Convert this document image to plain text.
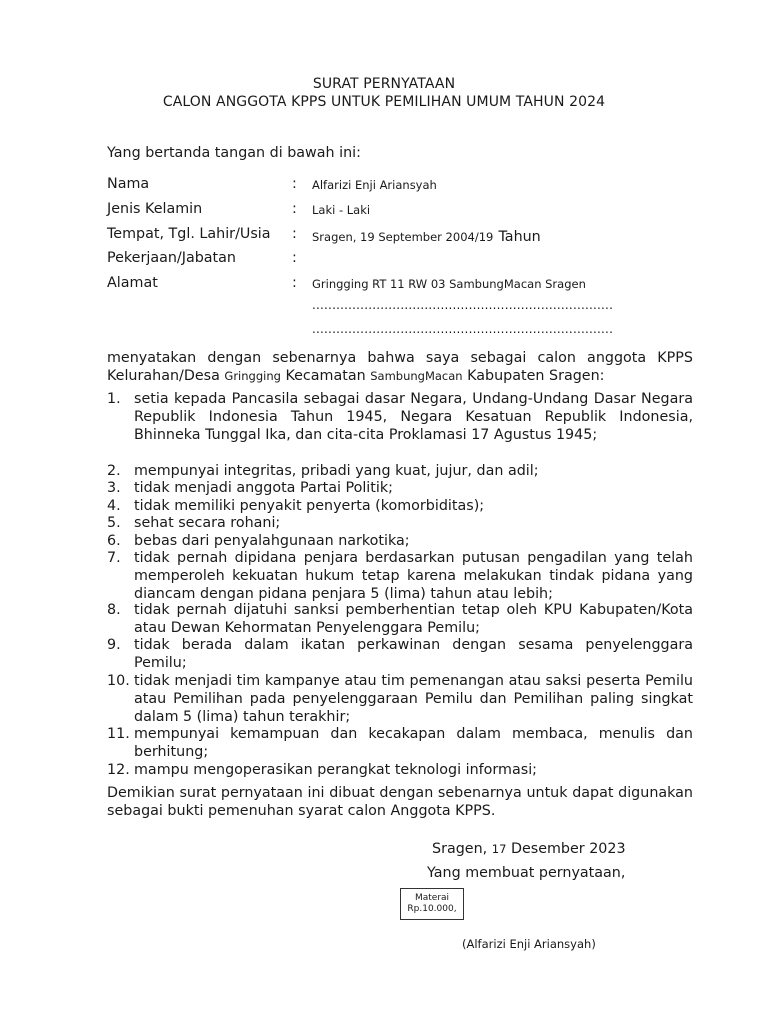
SURAT PERNYATAAN
CALON ANGGOTA KPPS UNTUK PEMILIHAN UMUM TAHUN 2024
Yang bertanda tangan di bawah ini:
Nama	: Alfarizi Enji Ariansyah
Jenis Kelamin	: Laki - Laki
Tempat, Tgl. Lahir/Usia : Sragen, 19 September 2004/19 Tahun
Pekerjaan/Jabatan	:
Alamat	: Gringging RT 11 RW 03 SambungMacan Sragen
...........................................................................
...........................................................................
menyatakan dengan sebenarnya bahwa saya sebagai calon anggota KPPS
Kelurahan/Desa Gringging Kecamatan SambungMacan Kabupaten Sragen:
1. setia kepada Pancasila sebagai dasar Negara, Undang-Undang Dasar Negara Republik Indonesia Tahun 1945, Negara Kesatuan Republik Indonesia, Bhinneka Tunggal Ika, dan cita-cita Proklamasi 17 Agustus 1945;
2. mempunyai integritas, pribadi yang kuat, jujur, dan adil;
3. tidak menjadi anggota Partai Politik;
4. tidak memiliki penyakit penyerta (komorbiditas);
5. sehat secara rohani;
6. bebas dari penyalahgunaan narkotika;
7. tidak pernah dipidana penjara berdasarkan putusan pengadilan yang telah memperoleh kekuatan hukum tetap karena melakukan tindak pidana yang diancam dengan pidana penjara 5 (lima) tahun atau lebih;
8. tidak pernah dijatuhi sanksi pemberhentian tetap oleh KPU Kabupaten/Kota atau Dewan Kehormatan Penyelenggara Pemilu;
9. tidak berada dalam ikatan perkawinan dengan sesama penyelenggara Pemilu;
10. tidak menjadi tim kampanye atau tim pemenangan atau saksi peserta Pemilu atau Pemilihan pada penyelenggaraan Pemilu dan Pemilihan paling singkat dalam 5 (lima) tahun terakhir;
11. mempunyai kemampuan dan kecakapan dalam membaca, menulis dan berhitung;
12. mampu mengoperasikan perangkat teknologi informasi;
Demikian surat pernyataan ini dibuat dengan sebenarnya untuk dapat digunakan sebagai bukti pemenuhan syarat calon Anggota KPPS.
Sragen, 17 Desember 2023
Yang membuat pernyataan,
Materai
Rp.10.000,
(Alfarizi Enji Ariansyah)
